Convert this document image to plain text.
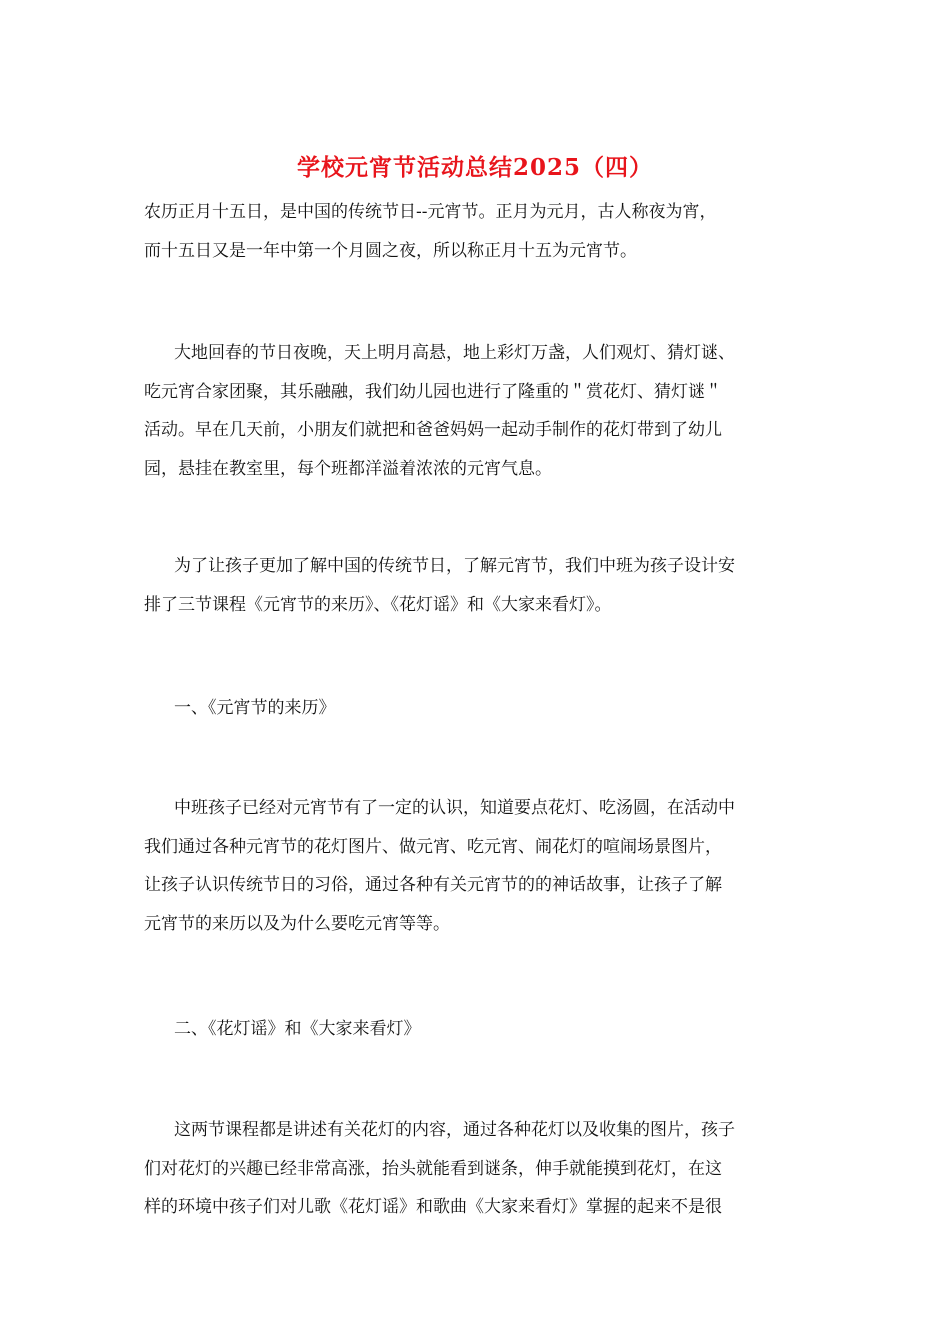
学校元宵节活动总结2025（四）
农历正月十五日，是中国的传统节日--元宵节。正月为元月，古人称夜为宵，
而十五日又是一年中第一个月圆之夜，所以称正月十五为元宵节。
大地回春的节日夜晚，天上明月高悬，地上彩灯万盏，人们观灯、猜灯谜、
吃元宵合家团聚，其乐融融，我们幼儿园也进行了隆重的＂赏花灯、猜灯谜＂
活动。早在几天前，小朋友们就把和爸爸妈妈一起动手制作的花灯带到了幼儿
园，悬挂在教室里，每个班都洋溢着浓浓的元宵气息。
为了让孩子更加了解中国的传统节日，了解元宵节，我们中班为孩子设计安
排了三节课程《元宵节的来历》、《花灯谣》和《大家来看灯》。
一、《元宵节的来历》
中班孩子已经对元宵节有了一定的认识，知道要点花灯、吃汤圆，在活动中
我们通过各种元宵节的花灯图片、做元宵、吃元宵、闹花灯的喧闹场景图片，
让孩子认识传统节日的习俗，通过各种有关元宵节的的神话故事，让孩子了解
元宵节的来历以及为什么要吃元宵等等。
二、《花灯谣》和《大家来看灯》
这两节课程都是讲述有关花灯的内容，通过各种花灯以及收集的图片，孩子
们对花灯的兴趣已经非常高涨，抬头就能看到谜条，伸手就能摸到花灯，在这
样的环境中孩子们对儿歌《花灯谣》和歌曲《大家来看灯》掌握的起来不是很
